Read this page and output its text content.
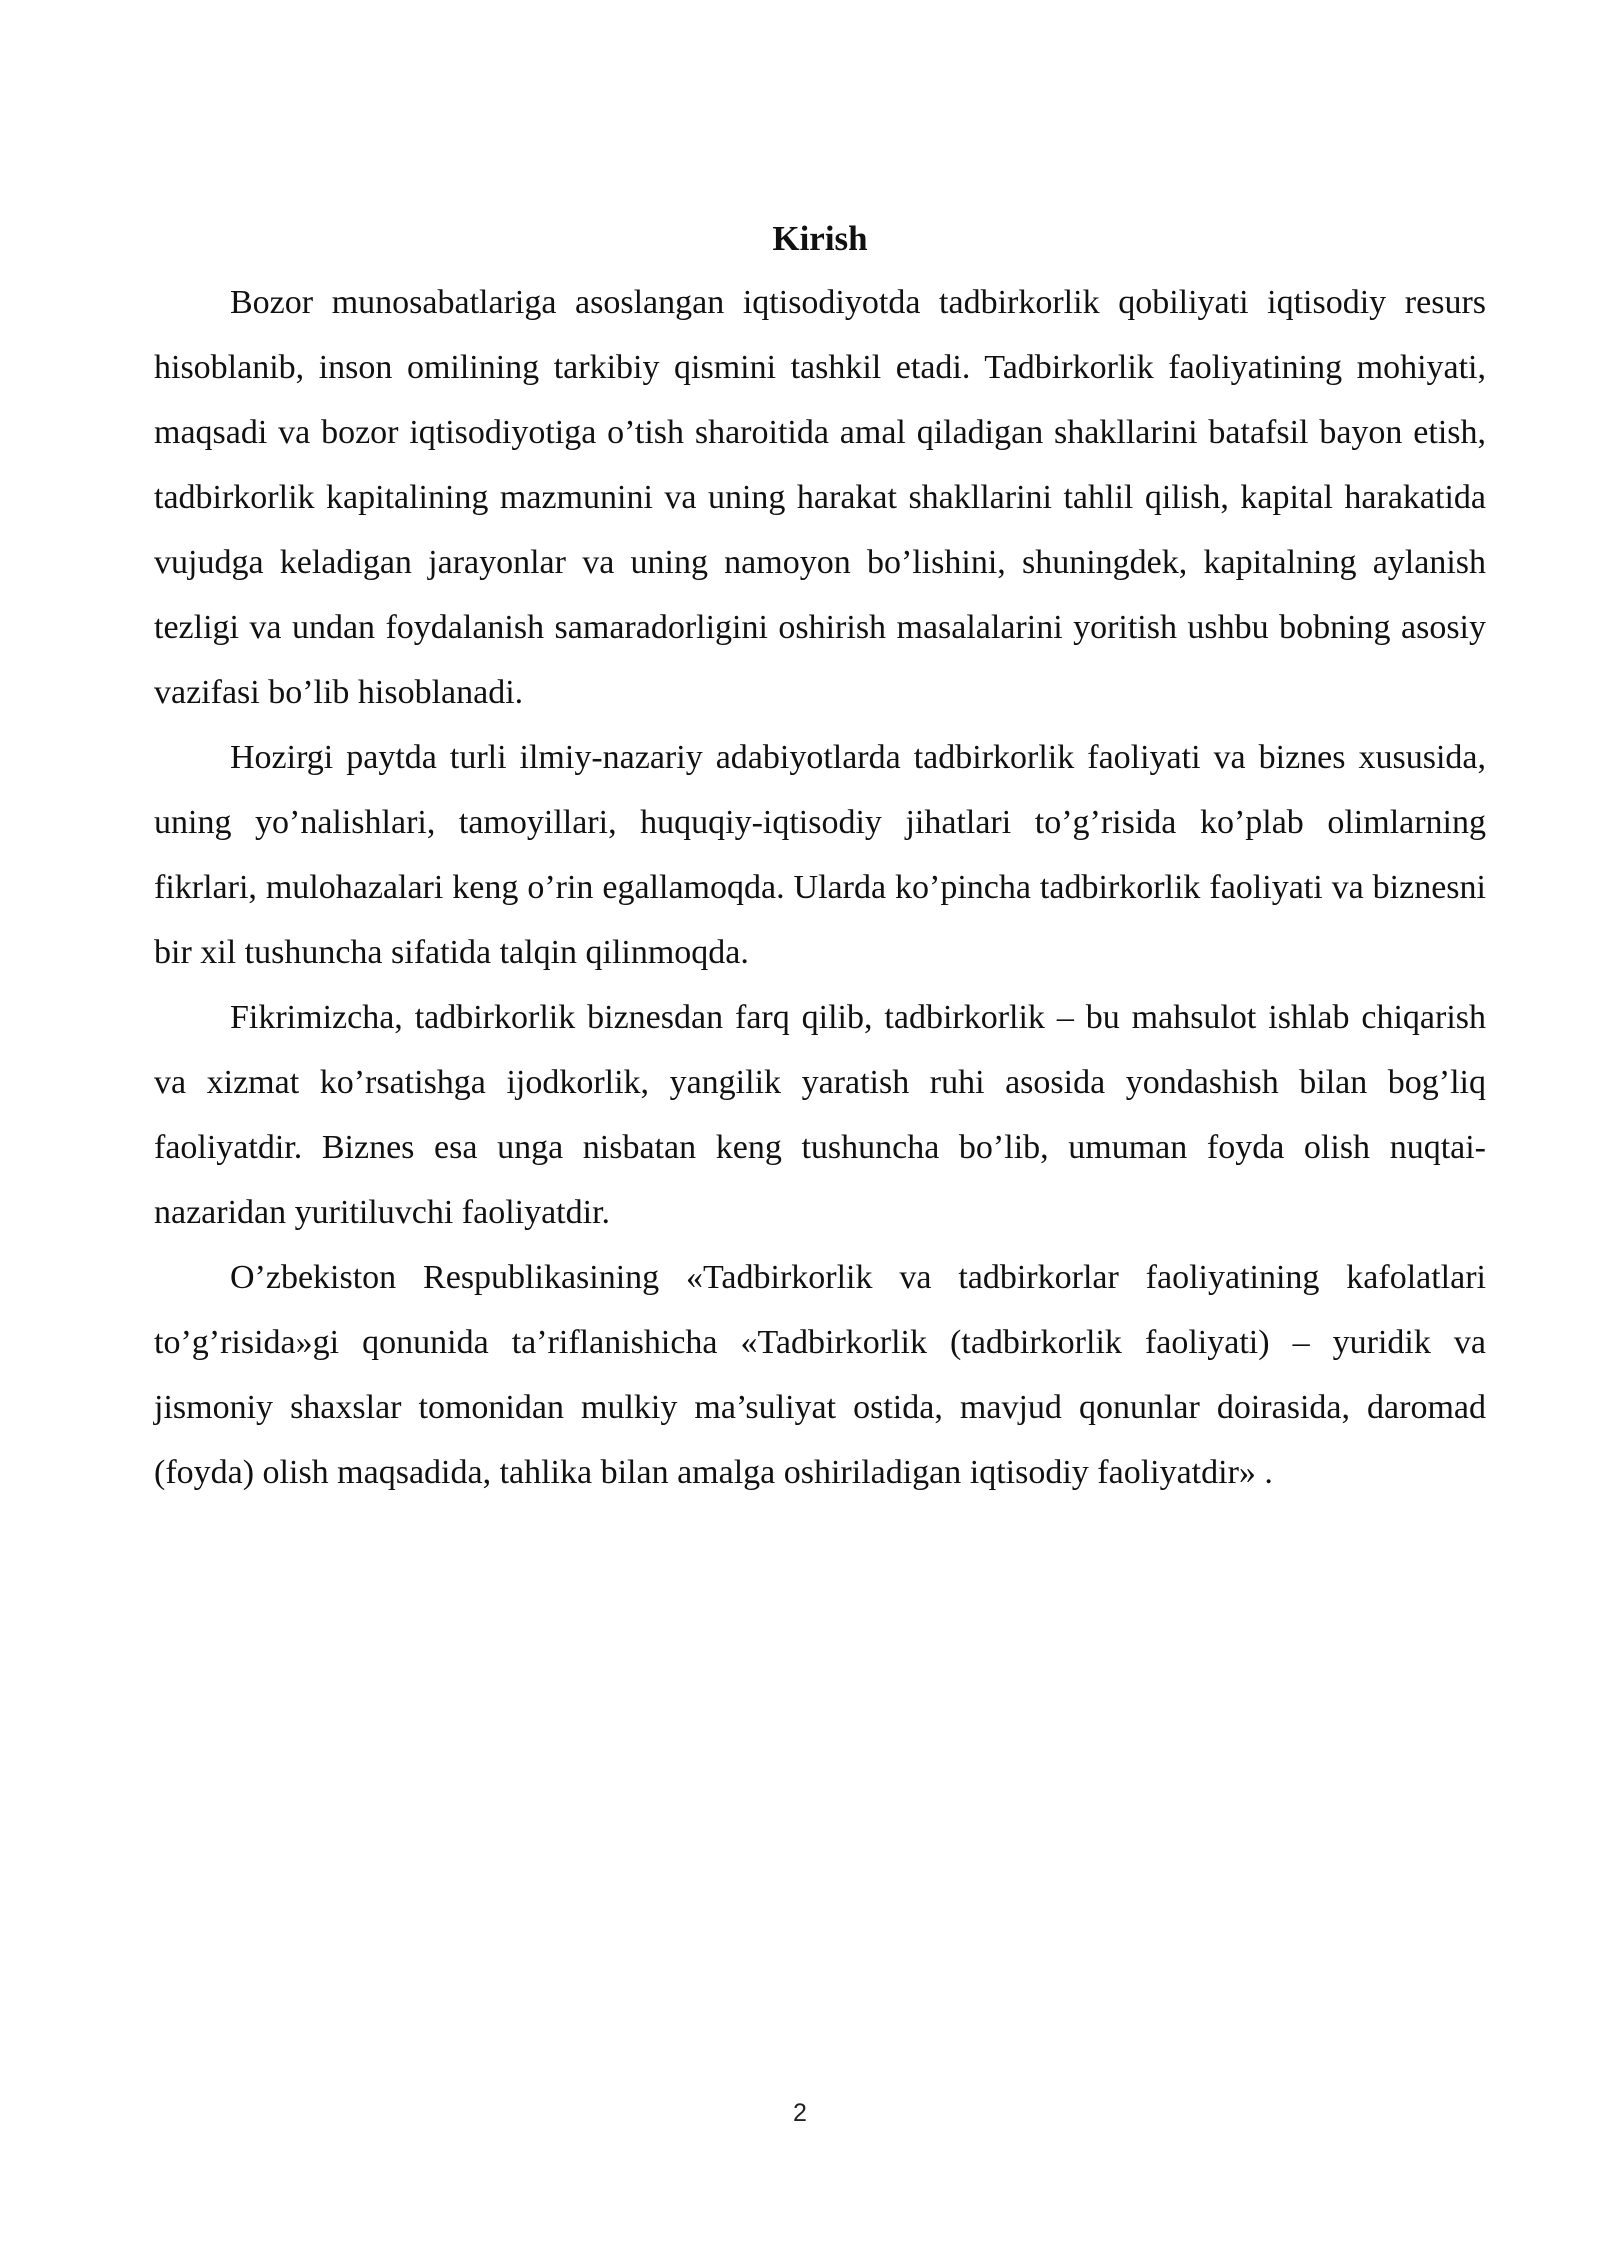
Kirish

Bozor munosabatlariga asoslangan iqtisodiyotda tadbirkorlik qobiliyati iqtisodiy resurs hisoblanib, inson omilining tarkibiy qismini tashkil etadi. Tadbirkorlik faoliyatining mohiyati, maqsadi va bozor iqtisodiyotiga o’tish sharoitida amal qiladigan shakllarini batafsil bayon etish, tadbirkorlik kapitalining mazmunini va uning harakat shakllarini tahlil qilish, kapital harakatida vujudga keladigan jarayonlar va uning namoyon bo’lishini, shuningdek, kapitalning aylanish tezligi va undan foydalanish samaradorligini oshirish masalalarini yoritish ushbu bobning asosiy vazifasi bo’lib hisoblanadi.

Hozirgi paytda turli ilmiy-nazariy adabiyotlarda tadbirkorlik faoliyati va biznes xususida, uning yo’nalishlari, tamoyillari, huquqiy-iqtisodiy jihatlari to’g’risida ko’plab olimlarning fikrlari, mulohazalari keng o’rin egallamoqda. Ularda ko’pincha tadbirkorlik faoliyati va biznesni bir xil tushuncha sifatida talqin qilinmoqda.

Fikrimizcha, tadbirkorlik biznesdan farq qilib, tadbirkorlik – bu mahsulot ishlab chiqarish va xizmat ko’rsatishga ijodkorlik, yangilik yaratish ruhi asosida yondashish bilan bog’liq faoliyatdir. Biznes esa unga nisbatan keng tushuncha bo’lib, umuman foyda olish nuqtai-nazaridan yuritiluvchi faoliyatdir.

O’zbekiston Respublikasining «Tadbirkorlik va tadbirkorlar faoliyatining kafolatlari to’g’risida»gi qonunida ta’riflanishicha «Tadbirkorlik (tadbirkorlik faoliyati) – yuridik va jismoniy shaxslar tomonidan mulkiy ma’suliyat ostida, mavjud qonunlar doirasida, daromad (foyda) olish maqsadida, tahlika bilan amalga oshiriladigan iqtisodiy faoliyatdir» .

2
